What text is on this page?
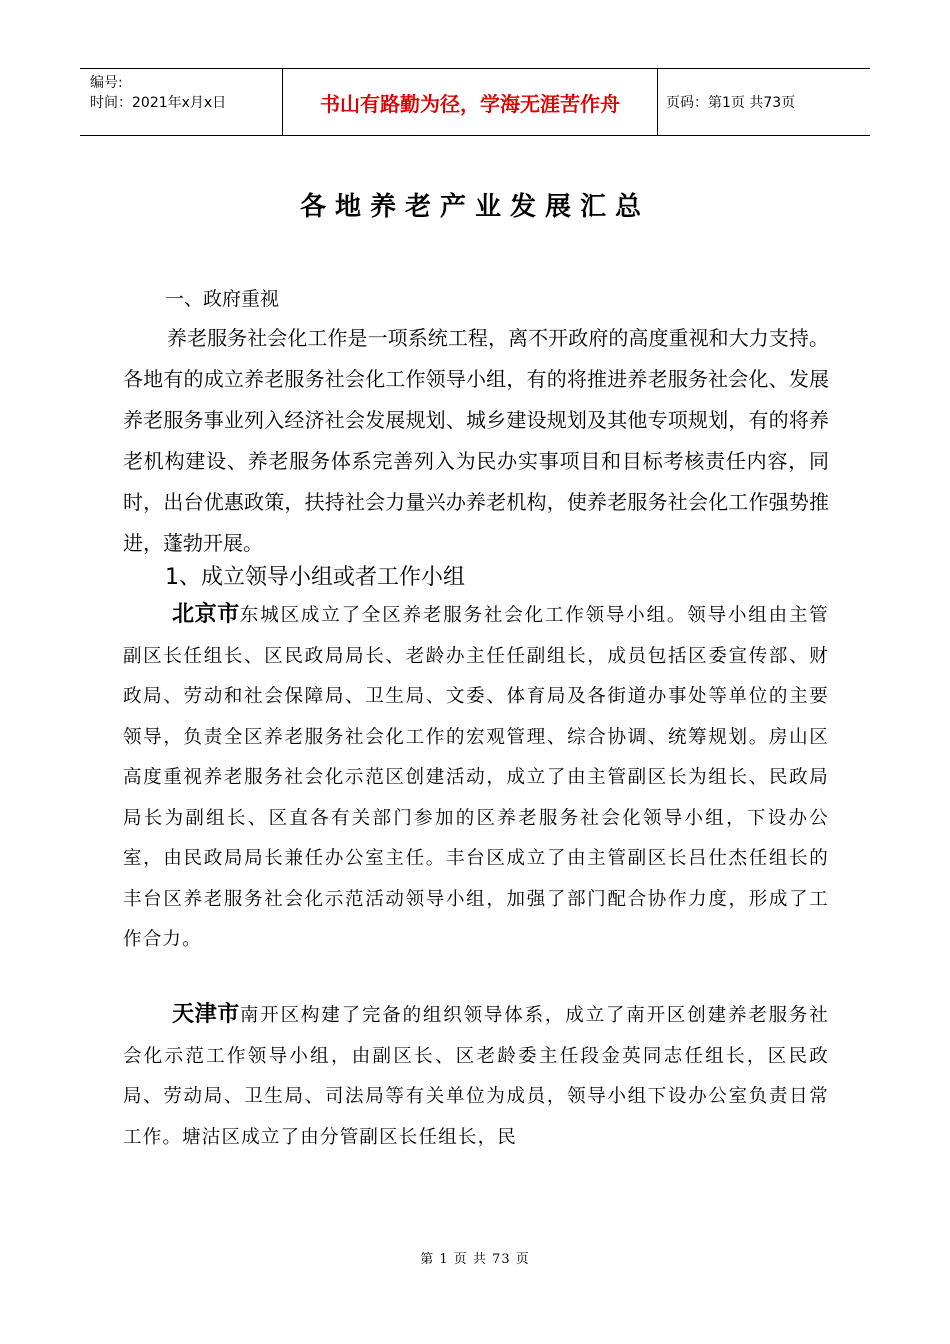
编号:
时间：2021年x月x日	书山有路勤为径，学海无涯苦作舟	页码：第1页 共73页
各地养老产业发展汇总
一、政府重视

养老服务社会化工作是一项系统工程，离不开政府的高度重视和大力支持。各地有的成立养老服务社会化工作领导小组，有的将推进养老服务社会化、发展养老服务事业列入经济社会发展规划、城乡建设规划及其他专项规划，有的将养老机构建设、养老服务体系完善列入为民办实事项目和目标考核责任内容，同时，出台优惠政策，扶持社会力量兴办养老机构，使养老服务社会化工作强势推进，蓬勃开展。

1、成立领导小组或者工作小组

北京市东城区成立了全区养老服务社会化工作领导小组。领导小组由主管副区长任组长、区民政局局长、老龄办主任任副组长，成员包括区委宣传部、财政局、劳动和社会保障局、卫生局、文委、体育局及各街道办事处等单位的主要领导，负责全区养老服务社会化工作的宏观管理、综合协调、统筹规划。房山区高度重视养老服务社会化示范区创建活动，成立了由主管副区长为组长、民政局局长为副组长、区直各有关部门参加的区养老服务社会化领导小组，下设办公室，由民政局局长兼任办公室主任。丰台区成立了由主管副区长吕仕杰任组长的丰台区养老服务社会化示范活动领导小组，加强了部门配合协作力度，形成了工作合力。

天津市南开区构建了完备的组织领导体系，成立了南开区创建养老服务社会化示范工作领导小组，由副区长、区老龄委主任段金英同志任组长，区民政局、劳动局、卫生局、司法局等有关单位为成员，领导小组下设办公室负责日常工作。塘沽区成立了由分管副区长任组长，民

第 1 页 共 73 页
